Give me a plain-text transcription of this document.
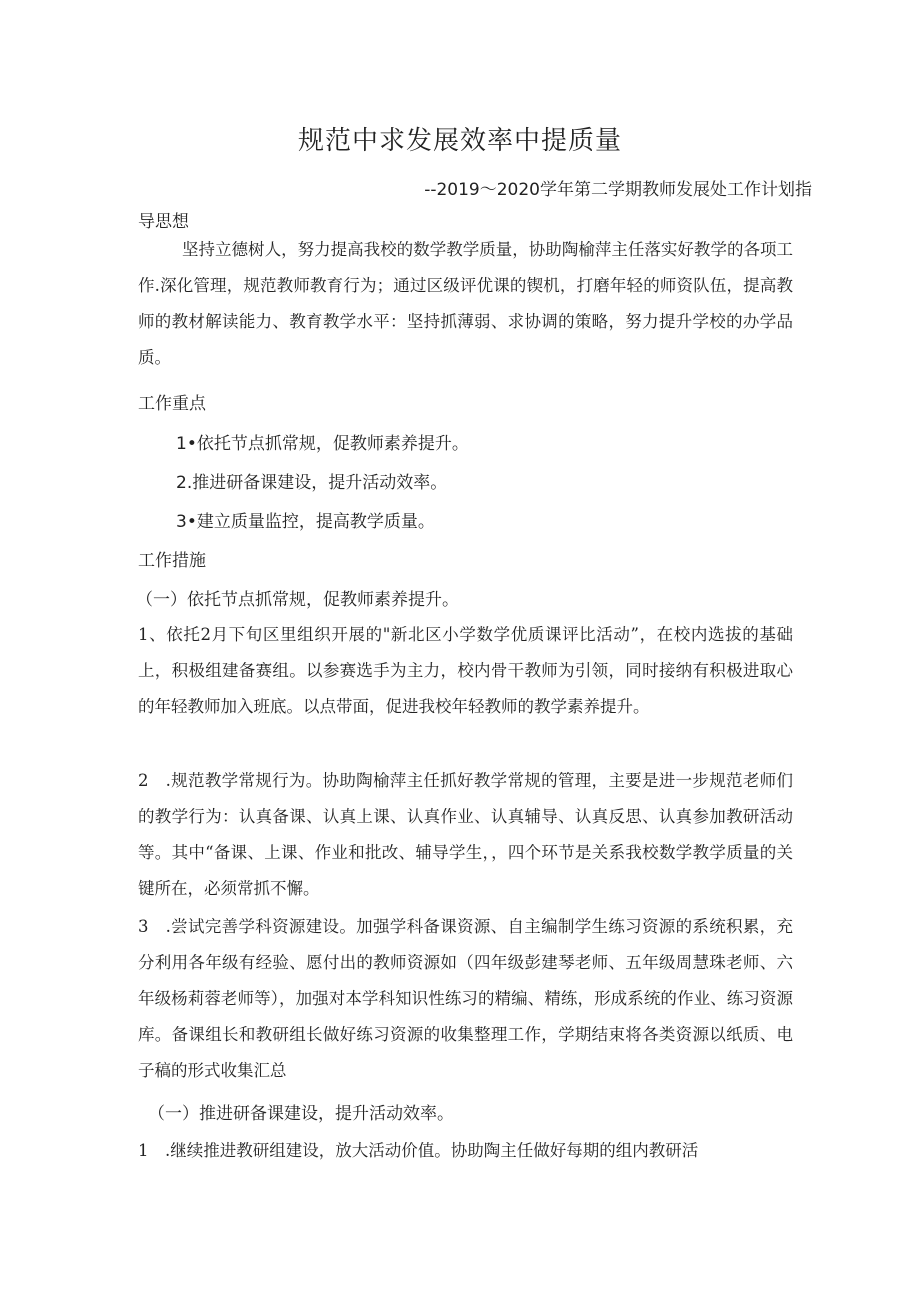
规范中求发展效率中提质量
--2019～2020学年第二学期教师发展处工作计划指
导思想

坚持立德树人，努力提高我校的数学教学质量，协助陶榆萍主任落实好教学的各项工作.深化管理，规范教师教育行为；通过区级评优课的锲机，打磨年轻的师资队伍，提高教师的教材解读能力、教育教学水平：坚持抓薄弱、求协调的策略，努力提升学校的办学品质。

工作重点
1•依托节点抓常规，促教师素养提升。
2.推进研备课建设，提升活动效率。
3•建立质量监控，提高教学质量。
工作措施
（一）依托节点抓常规，促教师素养提升。

1、依托2月下旬区里组织开展的"新北区小学数学优质课评比活动”，在校内选拔的基础上，积极组建备赛组。以参赛选手为主力，校内骨干教师为引领，同时接纳有积极进取心的年轻教师加入班底。以点带面，促进我校年轻教师的教学素养提升。

2　.规范教学常规行为。协助陶榆萍主任抓好教学常规的管理，主要是进一步规范老师们的教学行为：认真备课、认真上课、认真作业、认真辅导、认真反思、认真参加教研活动等。其中“备课、上课、作业和批改、辅导学生，，四个环节是关系我校数学教学质量的关键所在，必须常抓不懈。

3　.尝试完善学科资源建设。加强学科备课资源、自主编制学生练习资源的系统积累，充分利用各年级有经验、愿付出的教师资源如（四年级彭建琴老师、五年级周慧珠老师、六年级杨莉蓉老师等），加强对本学科知识性练习的精编、精练，形成系统的作业、练习资源库。备课组长和教研组长做好练习资源的收集整理工作，学期结束将各类资源以纸质、电子稿的形式收集汇总

（一）推进研备课建设，提升活动效率。

1　.继续推进教研组建设，放大活动价值。协助陶主任做好每期的组内教研活
